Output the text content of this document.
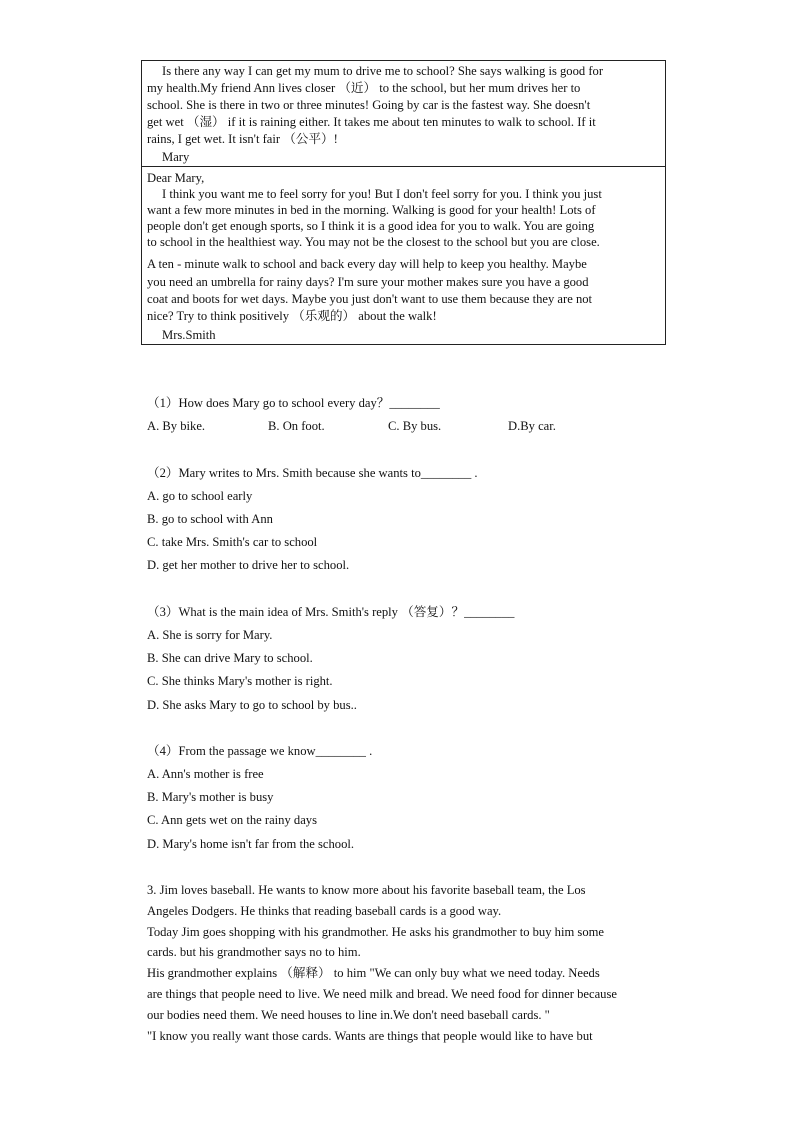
Is there any way I can get my mum to drive me to school? She says walking is good for
my health.My friend Ann lives closer （近） to the school, but her mum drives her to
school. She is there in two or three minutes! Going by car is the fastest way. She doesn't
get wet （湿） if it is raining either. It takes me about ten minutes to walk to school. If it
rains, I get wet. It isn't fair （公平）!
Mary
Dear Mary,
I think you want me to feel sorry for you! But I don't feel sorry for you. I think you just
want a few more minutes in bed in the morning. Walking is good for your health! Lots of
people don't get enough sports, so I think it is a good idea for you to walk. You are going
to school in the healthiest way. You may not be the closest to the school but you are close.
A ten - minute walk to school and back every day will help to keep you healthy. Maybe
you need an umbrella for rainy days? I'm sure your mother makes sure you have a good
coat and boots for wet days. Maybe you just don't want to use them because they are not
nice? Try to think positively （乐观的） about the walk!
Mrs.Smith
（1）How does Mary go to school every day？________
A. By bike.	B. On foot.	C. By bus.	D.By car.
（2）Mary writes to Mrs. Smith because she wants to________ .
A. go to school early
B. go to school with Ann
C. take Mrs. Smith's car to school
D. get her mother to drive her to school.
（3）What is the main idea of Mrs. Smith's reply （答复）？________
A. She is sorry for Mary.
B. She can drive Mary to school.
C. She thinks Mary's mother is right.
D. She asks Mary to go to school by bus..
（4）From the passage we know________ .
A. Ann's mother is free
B. Mary's mother is busy
C. Ann gets wet on the rainy days
D. Mary's home isn't far from the school.
3. Jim loves baseball. He wants to know more about his favorite baseball team, the Los
Angeles Dodgers. He thinks that reading baseball cards is a good way.
Today Jim goes shopping with his grandmother. He asks his grandmother to buy him some
cards. but his grandmother says no to him.
His grandmother explains （解释） to him "We can only buy what we need today. Needs
are things that people need to live. We need milk and bread. We need food for dinner because
our bodies need them. We need houses to line in.We don't need baseball cards. "
"I know you really want those cards. Wants are things that people would like to have but
